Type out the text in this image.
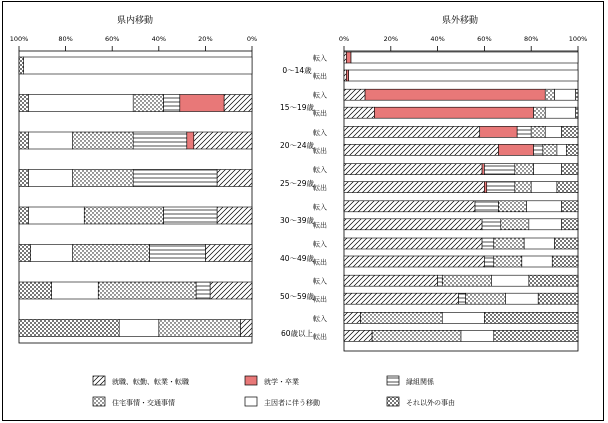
県内移動	県外移動
100%	80%	60%	40%	20%	0%	0%	20%	40%	60%	80%	100%
0〜14歳
15〜19歳
20〜24歳
25〜29歳
30〜39歳
40〜49歳
50〜59歳
60歳以上
転入
転出
転入
転出
転入
転出
転入
転出
転入
転出
転入
転出
転入
転出
転入
転出
就職、転勤、転業・転職	就学・卒業	縁組関係
住宅事情・交通事情	主因者に伴う移動	それ以外の事由
